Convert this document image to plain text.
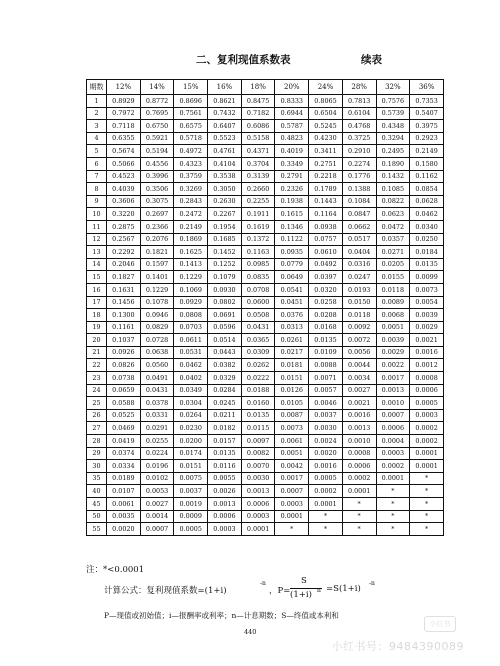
二、复利现值系数表	续表
期数	12%	14%	15%	16%	18%	20%	24%	28%	32%	36%
1	0.8929	0.8772	0.8696	0.8621	0.8475	0.8333	0.8065	0.7813	0.7576	0.7353
2	0.7972	0.7695	0.7561	0.7432	0.7182	0.6944	0.6504	0.6104	0.5739	0.5407
3	0.7118	0.6750	0.6575	0.6407	0.6086	0.5787	0.5245	0.4768	0.4348	0.3975
4	0.6355	0.5921	0.5718	0.5523	0.5158	0.4823	0.4230	0.3725	0.3294	0.2923
5	0.5674	0.5194	0.4972	0.4761	0.4371	0.4019	0.3411	0.2910	0.2495	0.2149
6	0.5066	0.4556	0.4323	0.4104	0.3704	0.3349	0.2751	0.2274	0.1890	0.1580
7	0.4523	0.3996	0.3759	0.3538	0.3139	0.2791	0.2218	0.1776	0.1432	0.1162
8	0.4039	0.3506	0.3269	0.3050	0.2660	0.2326	0.1789	0.1388	0.1085	0.0854
9	0.3606	0.3075	0.2843	0.2630	0.2255	0.1938	0.1443	0.1084	0.0822	0.0628
10	0.3220	0.2697	0.2472	0.2267	0.1911	0.1615	0.1164	0.0847	0.0623	0.0462
11	0.2875	0.2366	0.2149	0.1954	0.1619	0.1346	0.0938	0.0662	0.0472	0.0340
12	0.2567	0.2076	0.1869	0.1685	0.1372	0.1122	0.0757	0.0517	0.0357	0.0250
13	0.2292	0.1821	0.1625	0.1452	0.1163	0.0935	0.0610	0.0404	0.0271	0.0184
14	0.2046	0.1597	0.1413	0.1252	0.0985	0.0779	0.0492	0.0316	0.0205	0.0135
15	0.1827	0.1401	0.1229	0.1079	0.0835	0.0649	0.0397	0.0247	0.0155	0.0099
16	0.1631	0.1229	0.1069	0.0930	0.0708	0.0541	0.0320	0.0193	0.0118	0.0073
17	0.1456	0.1078	0.0929	0.0802	0.0600	0.0451	0.0258	0.0150	0.0089	0.0054
18	0.1300	0.0946	0.0808	0.0691	0.0508	0.0376	0.0208	0.0118	0.0068	0.0039
19	0.1161	0.0829	0.0703	0.0596	0.0431	0.0313	0.0168	0.0092	0.0051	0.0029
20	0.1037	0.0728	0.0611	0.0514	0.0365	0.0261	0.0135	0.0072	0.0039	0.0021
21	0.0926	0.0638	0.0531	0.0443	0.0309	0.0217	0.0109	0.0056	0.0029	0.0016
22	0.0826	0.0560	0.0462	0.0382	0.0262	0.0181	0.0088	0.0044	0.0022	0.0012
23	0.0738	0.0491	0.0402	0.0329	0.0222	0.0151	0.0071	0.0034	0.0017	0.0008
24	0.0659	0.0431	0.0349	0.0284	0.0188	0.0126	0.0057	0.0027	0.0013	0.0006
25	0.0588	0.0378	0.0304	0.0245	0.0160	0.0105	0.0046	0.0021	0.0010	0.0005
26	0.0525	0.0331	0.0264	0.0211	0.0135	0.0087	0.0037	0.0016	0.0007	0.0003
27	0.0469	0.0291	0.0230	0.0182	0.0115	0.0073	0.0030	0.0013	0.0006	0.0002
28	0.0419	0.0255	0.0200	0.0157	0.0097	0.0061	0.0024	0.0010	0.0004	0.0002
29	0.0374	0.0224	0.0174	0.0135	0.0082	0.0051	0.0020	0.0008	0.0003	0.0001
30	0.0334	0.0196	0.0151	0.0116	0.0070	0.0042	0.0016	0.0006	0.0002	0.0001
35	0.0189	0.0102	0.0075	0.0055	0.0030	0.0017	0.0005	0.0002	0.0001	*
40	0.0107	0.0053	0.0037	0.0026	0.0013	0.0007	0.0002	0.0001	*	*
45	0.0061	0.0027	0.0019	0.0013	0.0006	0.0003	0.0001	*	*	*
50	0.0035	0.0014	0.0009	0.0006	0.0003	0.0001	*	*	*	*
55	0.0020	0.0007	0.0005	0.0003	0.0001	*	*	*	*	*
注：*<0.0001
计算公式：复利现值系数=(1+i)
-n
，P=
S
(1+i) n =S(1+i)
-n
P—现值或初始值；i—报酬率或利率；n—计息期数；S—终值或本利和
440
小红书
小红书号：9484390089
